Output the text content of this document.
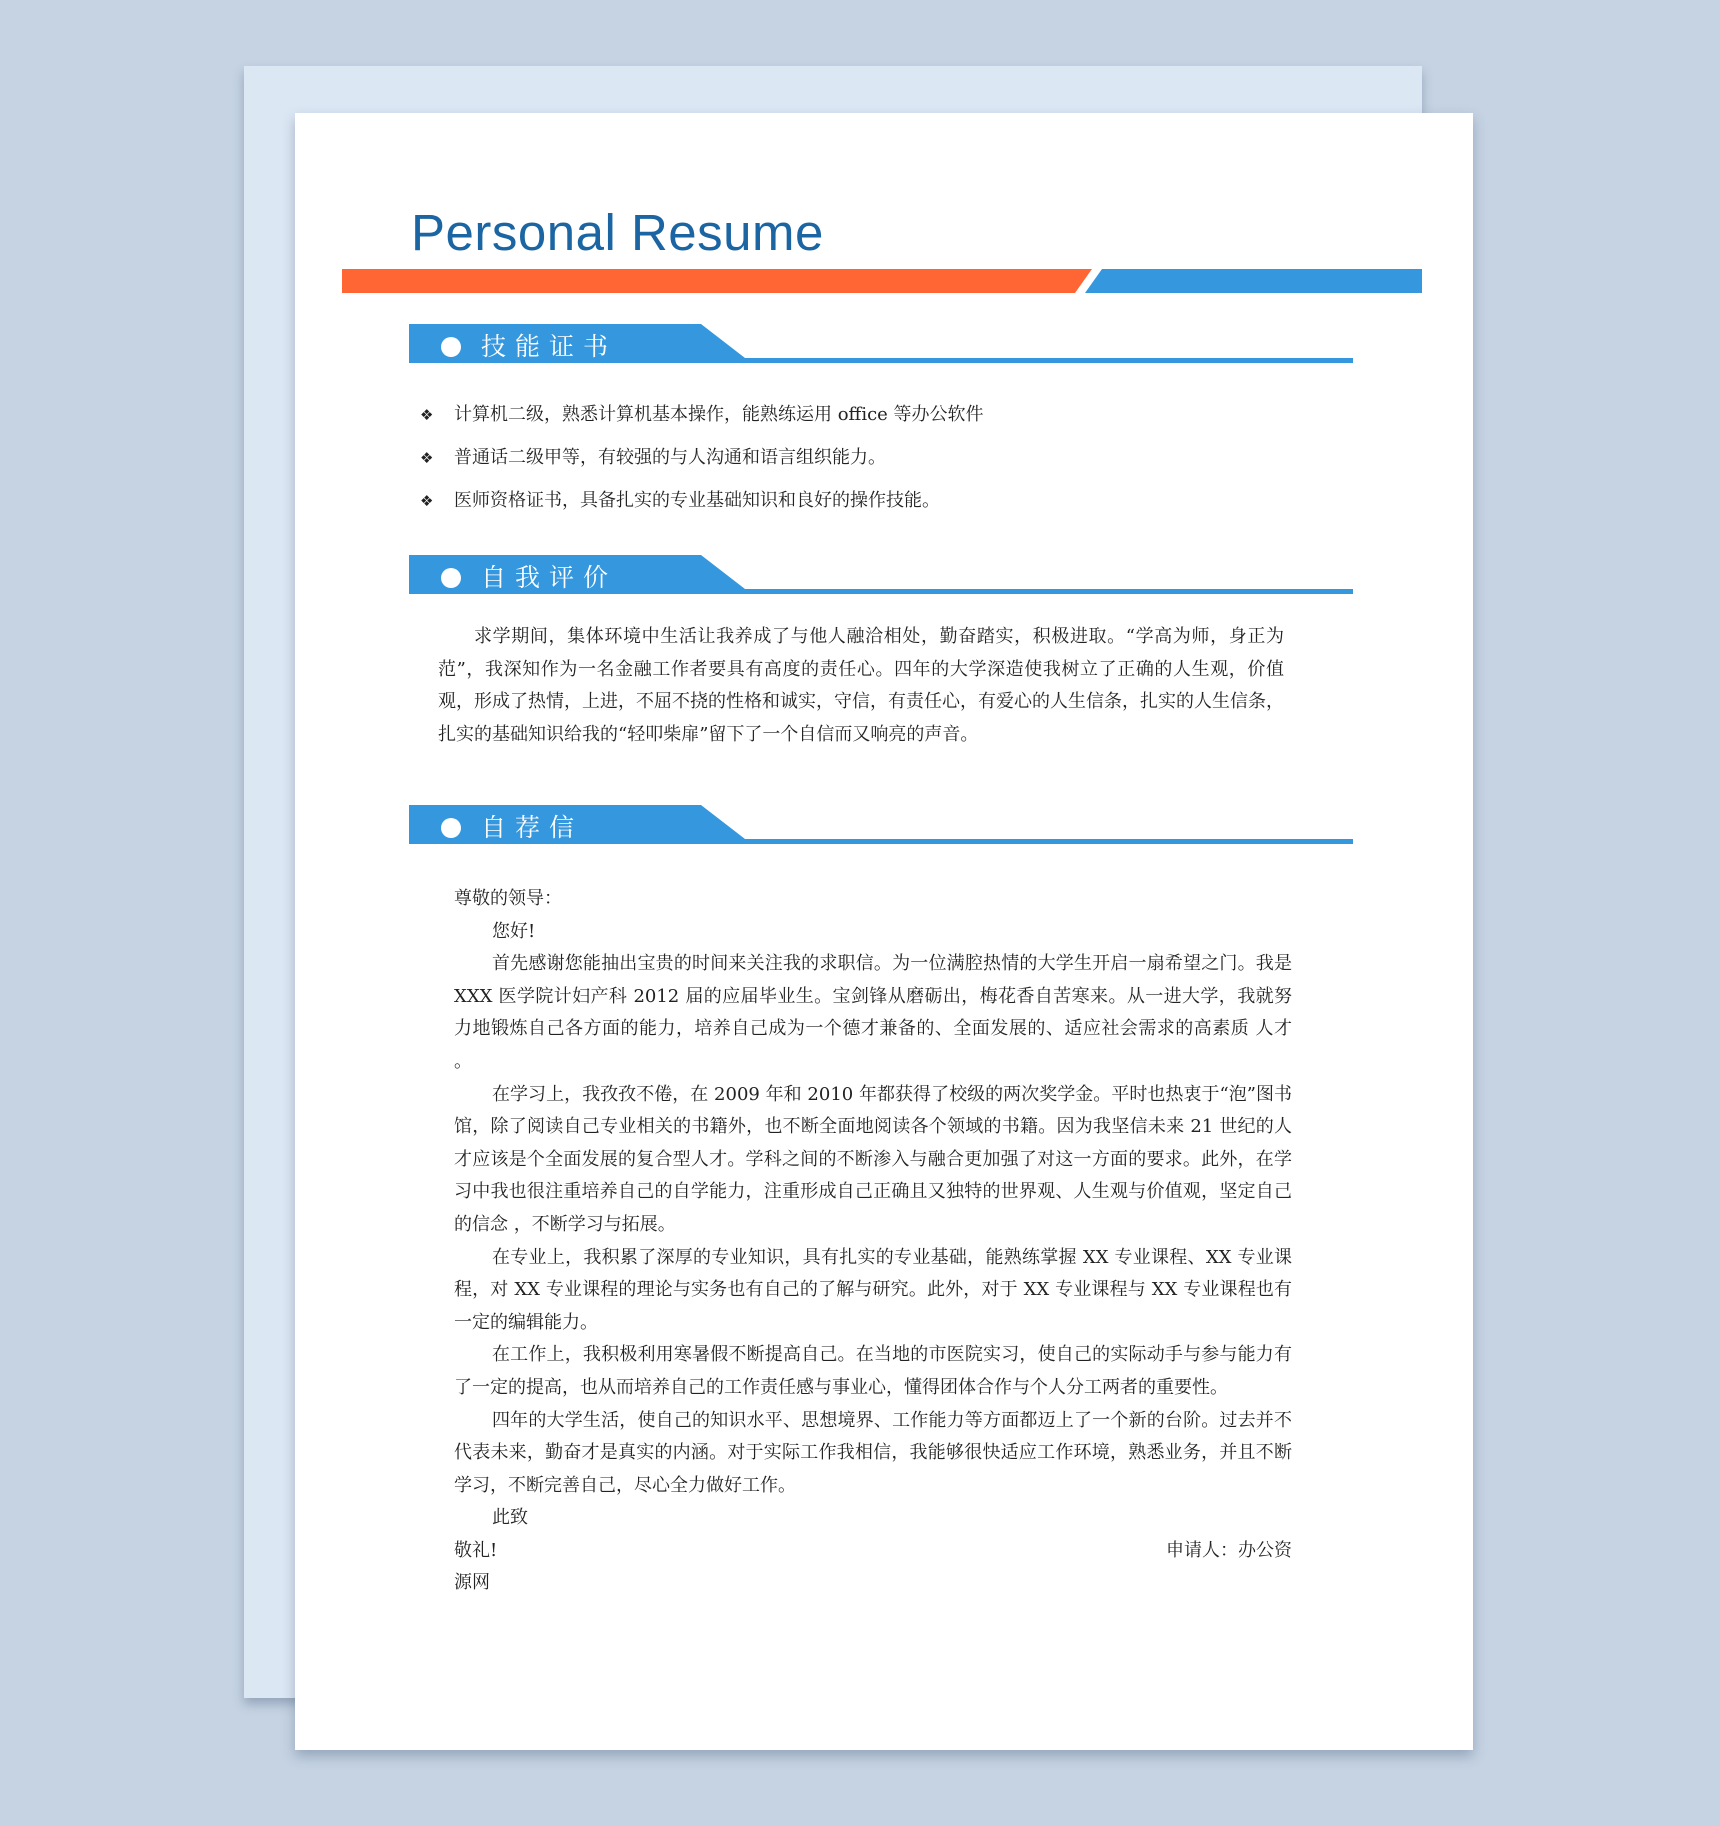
Personal Resume
技能证书
❖ 计算机二级，熟悉计算机基本操作，能熟练运用 office 等办公软件
❖ 普通话二级甲等，有较强的与人沟通和语言组织能力。
❖ 医师资格证书，具备扎实的专业基础知识和良好的操作技能。
自我评价

求学期间，集体环境中生活让我养成了与他人融洽相处，勤奋踏实，积极进取。“学高为师，身正为范”，我深知作为一名金融工作者要具有高度的责任心。四年的大学深造使我树立了正确的人生观，价值观，形成了热情，上进，不屈不挠的性格和诚实，守信，有责任心，有爱心的人生信条，扎实的人生信条，扎实的基础知识给我的“轻叩柴扉”留下了一个自信而又响亮的声音。

自荐信

尊敬的领导：

您好!

首先感谢您能抽出宝贵的时间来关注我的求职信。为一位满腔热情的大学生开启一扇希望之门。我是 XXX 医学院计妇产科 2012 届的应届毕业生。宝剑锋从磨砺出，梅花香自苦寒来。从一进大学，我就努力地锻炼自己各方面的能力，培养自己成为一个德才兼备的、全面发展的、适应社会需求的高素质 人才 。

在学习上，我孜孜不倦，在 2009 年和 2010 年都获得了校级的两次奖学金。平时也热衷于“泡”图书馆，除了阅读自己专业相关的书籍外，也不断全面地阅读各个领域的书籍。因为我坚信未来 21 世纪的人才应该是个全面发展的复合型人才。学科之间的不断渗入与融合更加强了对这一方面的要求。此外，在学习中我也很注重培养自己的自学能力，注重形成自己正确且又独特的世界观、人生观与价值观，坚定自己的信念 ，不断学习与拓展。

在专业上，我积累了深厚的专业知识，具有扎实的专业基础，能熟练掌握 XX 专业课程、XX 专业课程，对 XX 专业课程的理论与实务也有自己的了解与研究。此外，对于 XX 专业课程与 XX 专业课程也有一定的编辑能力。

在工作上，我积极利用寒暑假不断提高自己。在当地的市医院实习，使自己的实际动手与参与能力有了一定的提高，也从而培养自己的工作责任感与事业心，懂得团体合作与个人分工两者的重要性。

四年的大学生活，使自己的知识水平、思想境界、工作能力等方面都迈上了一个新的台阶。过去并不代表未来，勤奋才是真实的内涵。对于实际工作我相信，我能够很快适应工作环境，熟悉业务，并且不断学习，不断完善自己，尽心全力做好工作。

此致

敬礼!	申请人：办公资

源网
